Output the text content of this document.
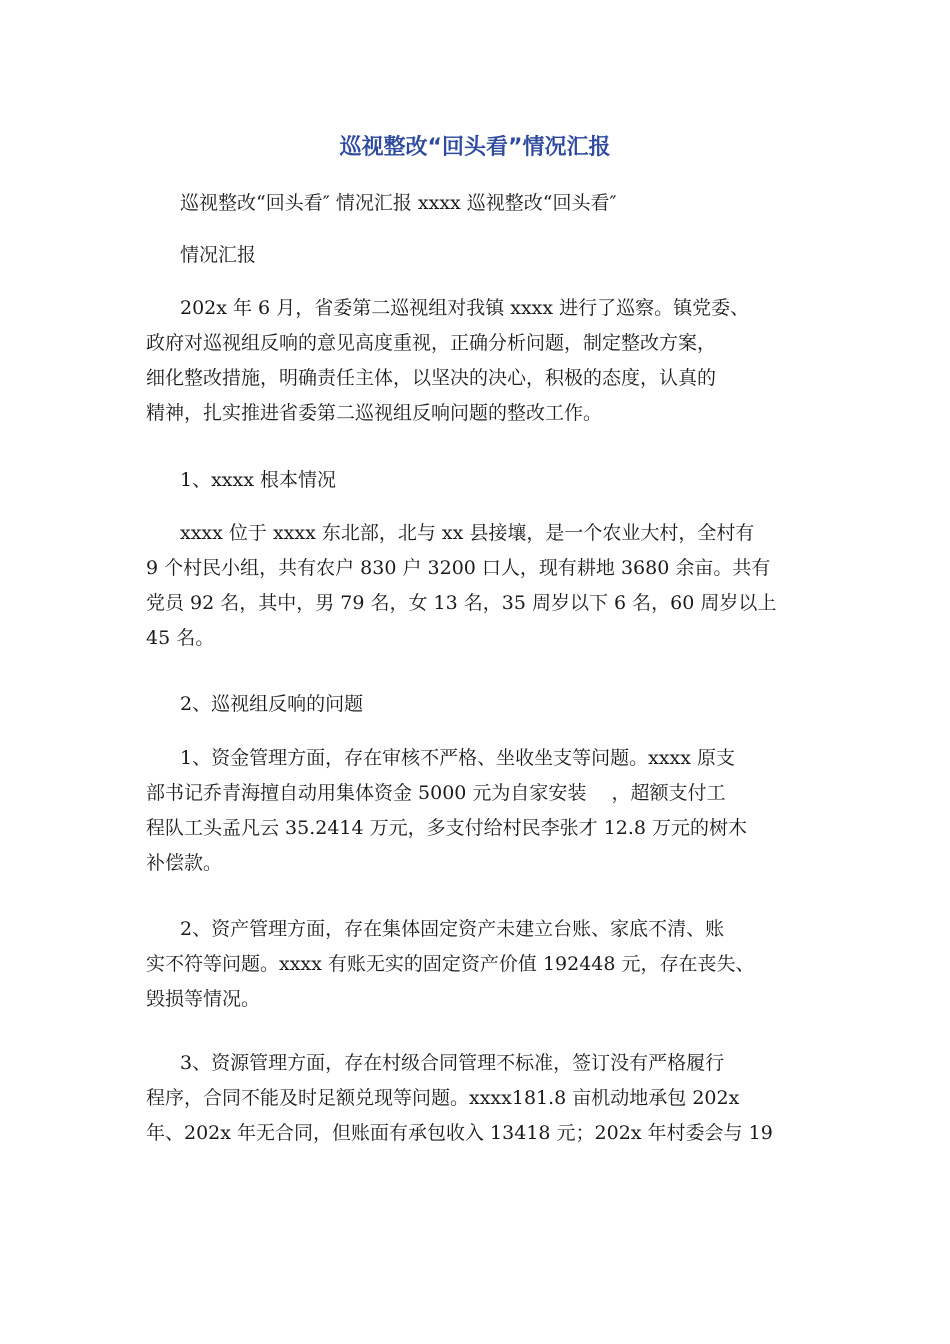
巡视整改“回头看”情况汇报
巡视整改“回头看″ 情况汇报 xxxx 巡视整改“回头看″
情况汇报
202x 年 6 月，省委第二巡视组对我镇 xxxx 进行了巡察。镇党委、
政府对巡视组反响的意见高度重视，正确分析问题，制定整改方案，
细化整改措施，明确责任主体，以坚决的决心，积极的态度，认真的
精神，扎实推进省委第二巡视组反响问题的整改工作。
1、xxxx 根本情况
xxxx 位于 xxxx 东北部，北与 xx 县接壤，是一个农业大村，全村有
9 个村民小组，共有农户 830 户 3200 口人，现有耕地 3680 余亩。共有
党员 92 名，其中，男 79 名，女 13 名，35 周岁以下 6 名，60 周岁以上
45 名。
2、巡视组反响的问题
1、资金管理方面，存在审核不严格、坐收坐支等问题。xxxx 原支
部书记乔青海擅自动用集体资金 5000 元为自家安装　 ，超额支付工
程队工头孟凡云 35.2414 万元，多支付给村民李张才 12.8 万元的树木
补偿款。
2、资产管理方面，存在集体固定资产未建立台账、家底不清、账
实不符等问题。xxxx 有账无实的固定资产价值 192448 元，存在丧失、
毁损等情况。
3、资源管理方面，存在村级合同管理不标准，签订没有严格履行
程序，合同不能及时足额兑现等问题。xxxx181.8 亩机动地承包 202x
年、202x 年无合同，但账面有承包收入 13418 元；202x 年村委会与 19
